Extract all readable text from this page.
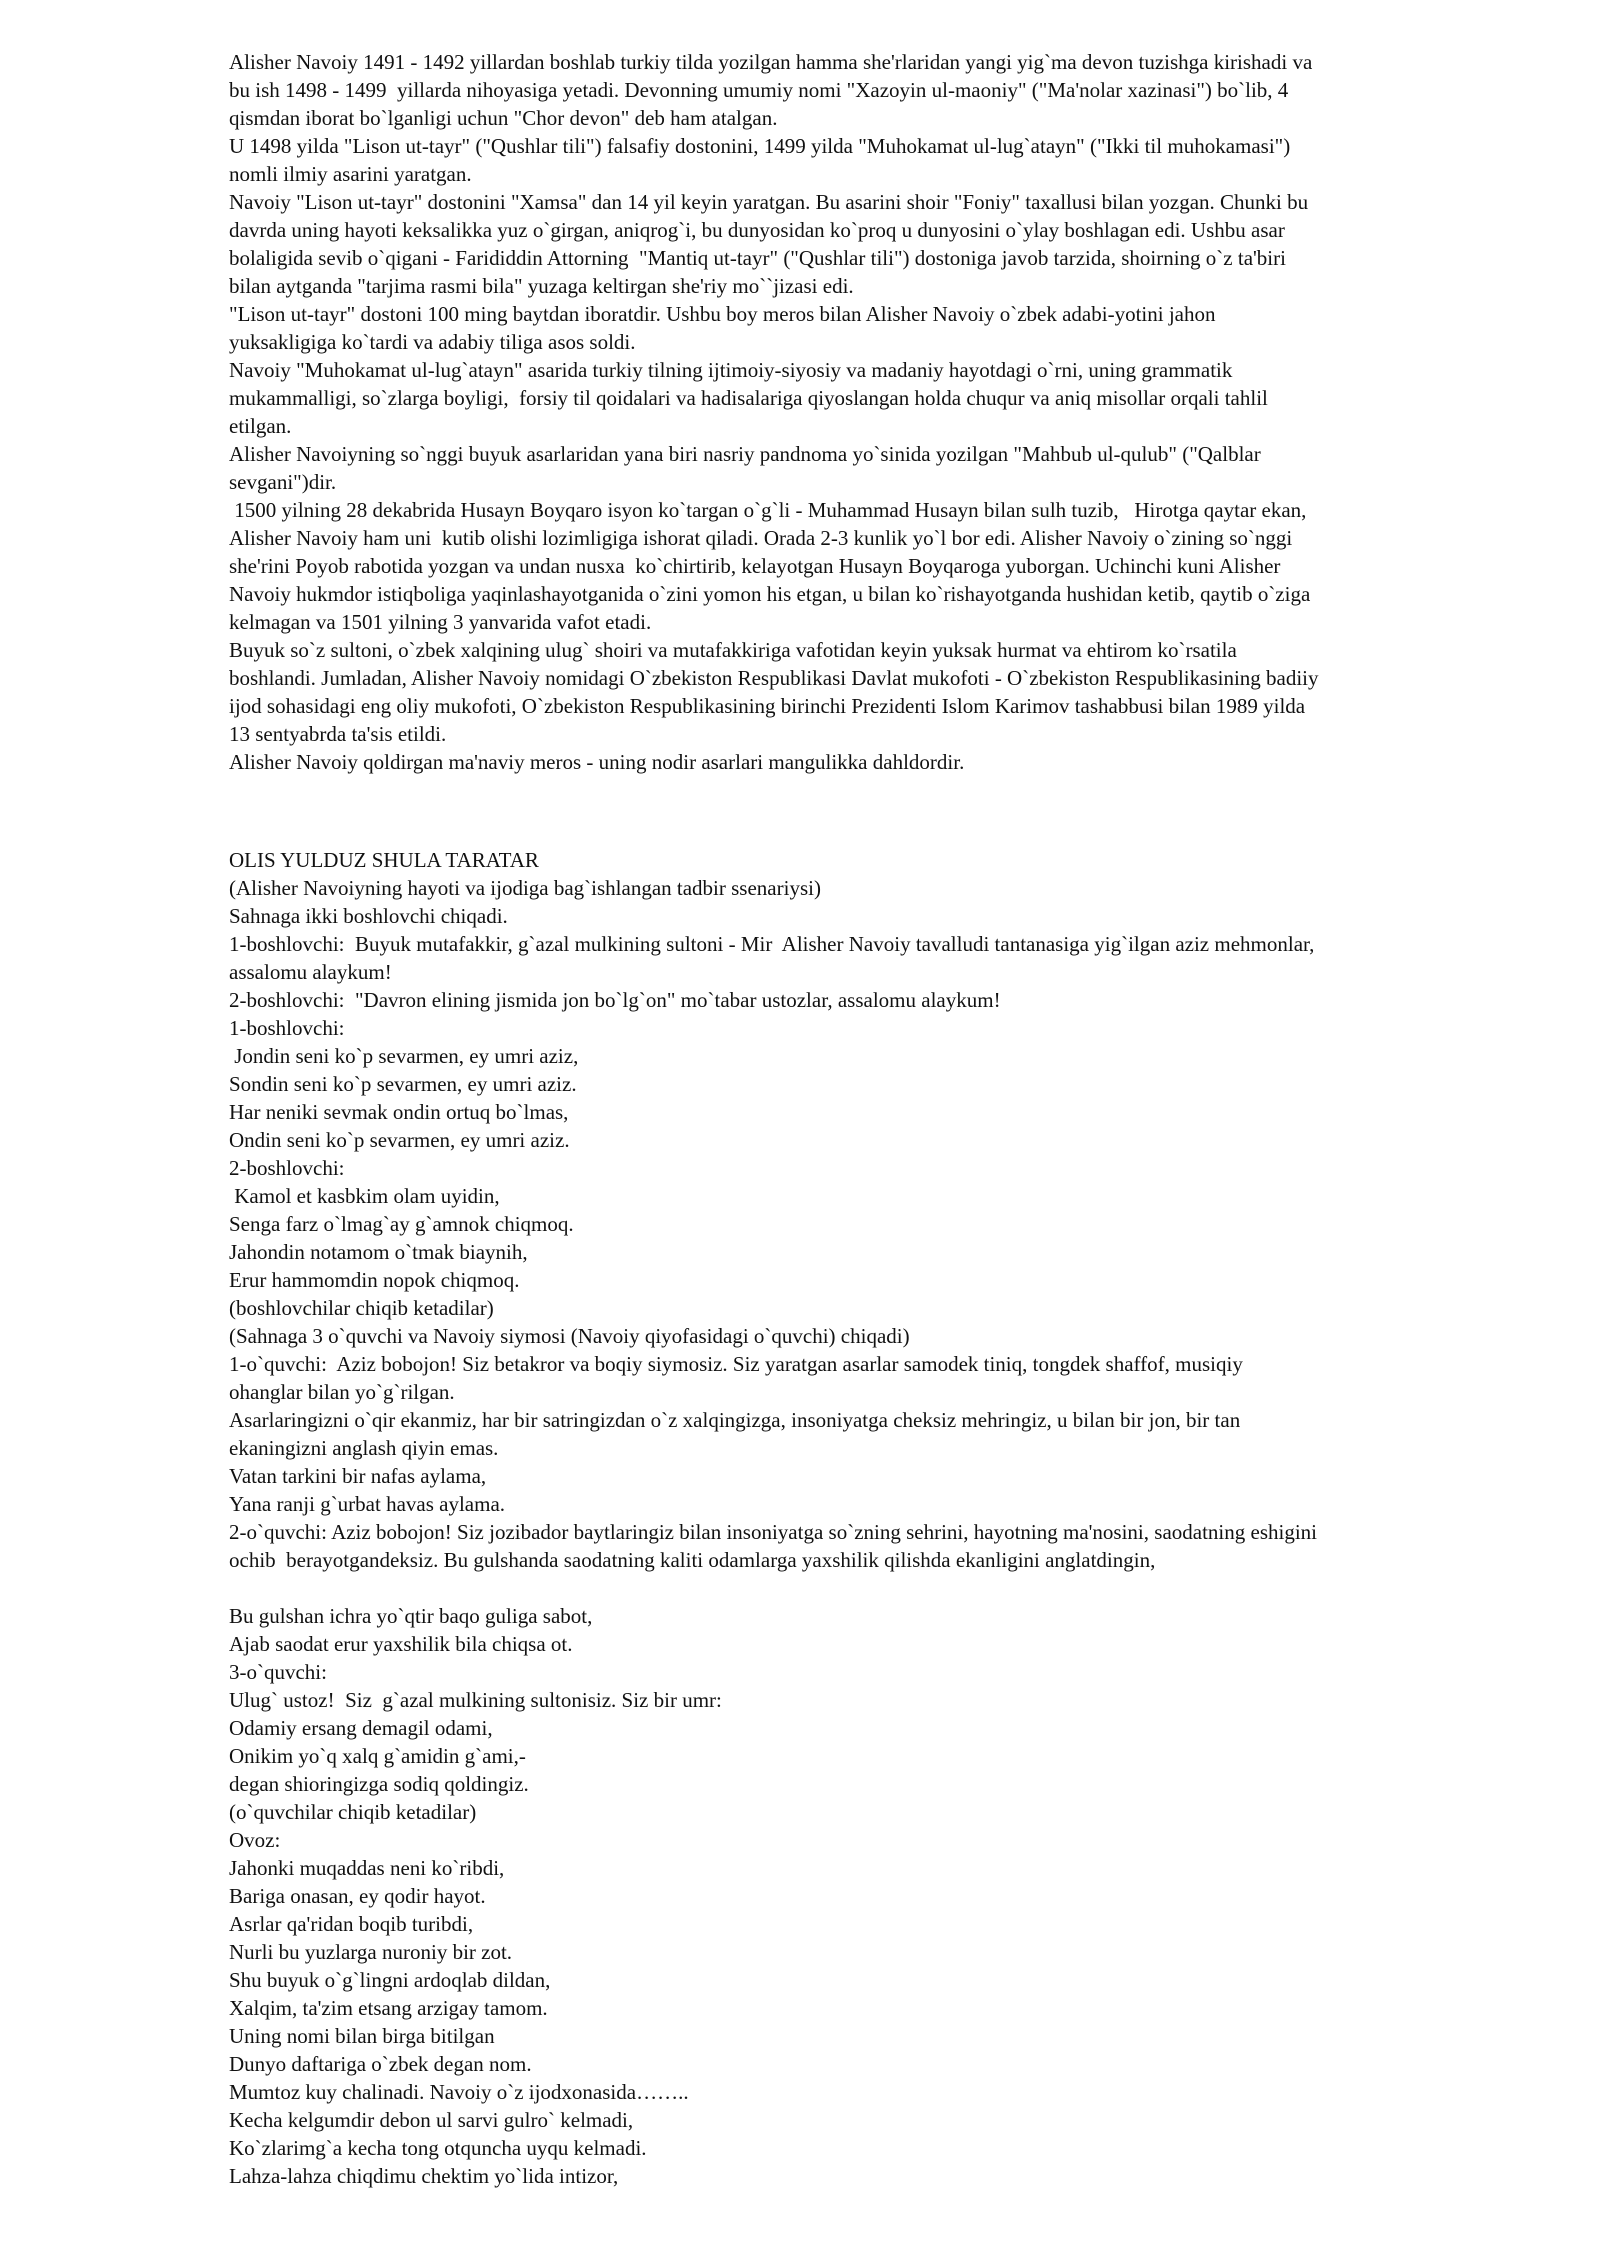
Alisher Navoiy 1491 - 1492 yillardan boshlab turkiy tilda yozilgan hamma she'rlaridan yangi yig`ma devon tuzishga kirishadi va
bu ish 1498 - 1499  yillarda nihoyasiga yetadi. Devonning umumiy nomi "Xazoyin ul-maoniy" ("Ma'nolar xazinasi") bo`lib, 4
qismdan iborat bo`lganligi uchun "Chor devon" deb ham atalgan.
U 1498 yilda "Lison ut-tayr" ("Qushlar tili") falsafiy dostonini, 1499 yilda "Muhokamat ul-lug`atayn" ("Ikki til muhokamasi")
nomli ilmiy asarini yaratgan.
Navoiy "Lison ut-tayr" dostonini "Xamsa" dan 14 yil keyin yaratgan. Bu asarini shoir "Foniy" taxallusi bilan yozgan. Chunki bu
davrda uning hayoti keksalikka yuz o`girgan, aniqrog`i, bu dunyosidan ko`proq u dunyosini o`ylay boshlagan edi. Ushbu asar
bolaligida sevib o`qigani - Farididdin Attorning  "Mantiq ut-tayr" ("Qushlar tili") dostoniga javob tarzida, shoirning o`z ta'biri
bilan aytganda "tarjima rasmi bila" yuzaga keltirgan she'riy mo``jizasi edi.
"Lison ut-tayr" dostoni 100 ming baytdan iboratdir. Ushbu boy meros bilan Alisher Navoiy o`zbek adabi-yotini jahon
yuksakligiga ko`tardi va adabiy tiliga asos soldi.
Navoiy "Muhokamat ul-lug`atayn" asarida turkiy tilning ijtimoiy-siyosiy va madaniy hayotdagi o`rni, uning grammatik
mukammalligi, so`zlarga boyligi,  forsiy til qoidalari va hadisalariga qiyoslangan holda chuqur va aniq misollar orqali tahlil
etilgan.
Alisher Navoiyning so`nggi buyuk asarlaridan yana biri nasriy pandnoma yo`sinida yozilgan "Mahbub ul-qulub" ("Qalblar
sevgani")dir.
1500 yilning 28 dekabrida Husayn Boyqaro isyon ko`targan o`g`li - Muhammad Husayn bilan sulh tuzib,   Hirotga qaytar ekan,
Alisher Navoiy ham uni  kutib olishi lozimligiga ishorat qiladi. Orada 2-3 kunlik yo`l bor edi. Alisher Navoiy o`zining so`nggi
she'rini Poyob rabotida yozgan va undan nusxa  ko`chirtirib, kelayotgan Husayn Boyqaroga yuborgan. Uchinchi kuni Alisher
Navoiy hukmdor istiqboliga yaqinlashayotganida o`zini yomon his etgan, u bilan ko`rishayotganda hushidan ketib, qaytib o`ziga
kelmagan va 1501 yilning 3 yanvarida vafot etadi.
Buyuk so`z sultoni, o`zbek xalqining ulug` shoiri va mutafakkiriga vafotidan keyin yuksak hurmat va ehtirom ko`rsatila
boshlandi. Jumladan, Alisher Navoiy nomidagi O`zbekiston Respublikasi Davlat mukofoti - O`zbekiston Respublikasining badiiy
ijod sohasidagi eng oliy mukofoti, O`zbekiston Respublikasining birinchi Prezidenti Islom Karimov tashabbusi bilan 1989 yilda
13 sentyabrda ta'sis etildi.
Alisher Navoiy qoldirgan ma'naviy meros - uning nodir asarlari mangulikka dahldordir.
OLIS YULDUZ SHULA TARATAR
(Alisher Navoiyning hayoti va ijodiga bag`ishlangan tadbir ssenariysi)
Sahnaga ikki boshlovchi chiqadi.
1-boshlovchi:  Buyuk mutafakkir, g`azal mulkining sultoni - Mir  Alisher Navoiy tavalludi tantanasiga yig`ilgan aziz mehmonlar,
assalomu alaykum!
2-boshlovchi:  "Davron elining jismida jon bo`lg`on" mo`tabar ustozlar, assalomu alaykum!
1-boshlovchi:
Jondin seni ko`p sevarmen, ey umri aziz,
Sondin seni ko`p sevarmen, ey umri aziz.
Har neniki sevmak ondin ortuq bo`lmas,
Ondin seni ko`p sevarmen, ey umri aziz.
2-boshlovchi:
Kamol et kasbkim olam uyidin,
Senga farz o`lmag`ay g`amnok chiqmoq.
Jahondin notamom o`tmak biaynih,
Erur hammomdin nopok chiqmoq.
(boshlovchilar chiqib ketadilar)
(Sahnaga 3 o`quvchi va Navoiy siymosi (Navoiy qiyofasidagi o`quvchi) chiqadi)
1-o`quvchi:  Aziz bobojon! Siz betakror va boqiy siymosiz. Siz yaratgan asarlar samodek tiniq, tongdek shaffof, musiqiy
ohanglar bilan yo`g`rilgan.
Asarlaringizni o`qir ekanmiz, har bir satringizdan o`z xalqingizga, insoniyatga cheksiz mehringiz, u bilan bir jon, bir tan
ekaningizni anglash qiyin emas.
Vatan tarkini bir nafas aylama,
Yana ranji g`urbat havas aylama.
2-o`quvchi: Aziz bobojon! Siz jozibador baytlaringiz bilan insoniyatga so`zning sehrini, hayotning ma'nosini, saodatning eshigini
ochib  berayotgandeksiz. Bu gulshanda saodatning kaliti odamlarga yaxshilik qilishda ekanligini anglatdingin,
Bu gulshan ichra yo`qtir baqo guliga sabot,
Ajab saodat erur yaxshilik bila chiqsa ot.
3-o`quvchi:
Ulug` ustoz!  Siz  g`azal mulkining sultonisiz. Siz bir umr:
Odamiy ersang demagil odami,
Onikim yo`q xalq g`amidin g`ami,-
degan shioringizga sodiq qoldingiz.
(o`quvchilar chiqib ketadilar)
Ovoz:
Jahonki muqaddas neni ko`ribdi,
Bariga onasan, ey qodir hayot.
Asrlar qa'ridan boqib turibdi,
Nurli bu yuzlarga nuroniy bir zot.
Shu buyuk o`g`lingni ardoqlab dildan,
Xalqim, ta'zim etsang arzigay tamom.
Uning nomi bilan birga bitilgan
Dunyo daftariga o`zbek degan nom.
Mumtoz kuy chalinadi. Navoiy o`z ijodxonasida……..
Kecha kelgumdir debon ul sarvi gulro` kelmadi,
Ko`zlarimg`a kecha tong otquncha uyqu kelmadi.
Lahza-lahza chiqdimu chektim yo`lida intizor,
